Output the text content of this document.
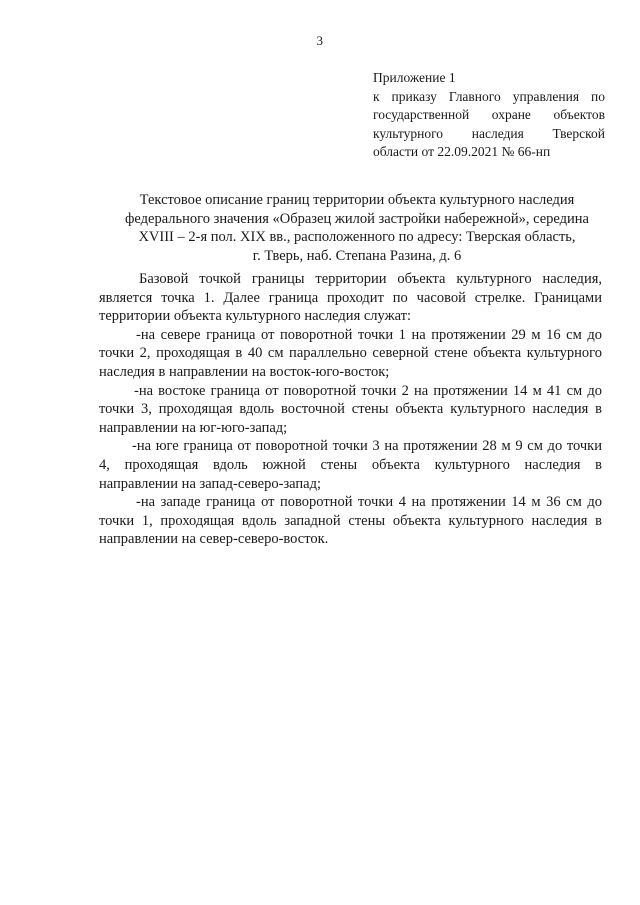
3
Приложение 1
к приказу Главного управления по
государственной охране объектов
культурного наследия Тверской
области от 22.09.2021 № 66-нп
Текстовое описание границ территории объекта культурного наследия
федерального значения «Образец жилой застройки набережной», середина
XVIII – 2-я пол. XIX вв., расположенного по адресу: Тверская область,
г. Тверь, наб. Степана Разина, д. 6
Базовой точкой границы территории объекта культурного наследия,
является точка 1. Далее граница проходит по часовой стрелке. Границами
территории объекта культурного наследия служат:
-на севере граница от поворотной точки 1 на протяжении 29 м 16 см до
точки 2, проходящая в 40 см параллельно северной стене объекта культурного
наследия в направлении на восток-юго-восток;
-на востоке граница от поворотной точки 2 на протяжении 14 м 41 см до
точки 3, проходящая вдоль восточной стены объекта культурного наследия в
направлении на юг-юго-запад;
-на юге граница от поворотной точки 3 на протяжении 28 м 9 см до точки
4, проходящая вдоль южной стены объекта культурного наследия в
направлении на запад-северо-запад;
-на западе граница от поворотной точки 4 на протяжении 14 м 36 см до
точки 1, проходящая вдоль западной стены объекта культурного наследия в
направлении на север-северо-восток.
